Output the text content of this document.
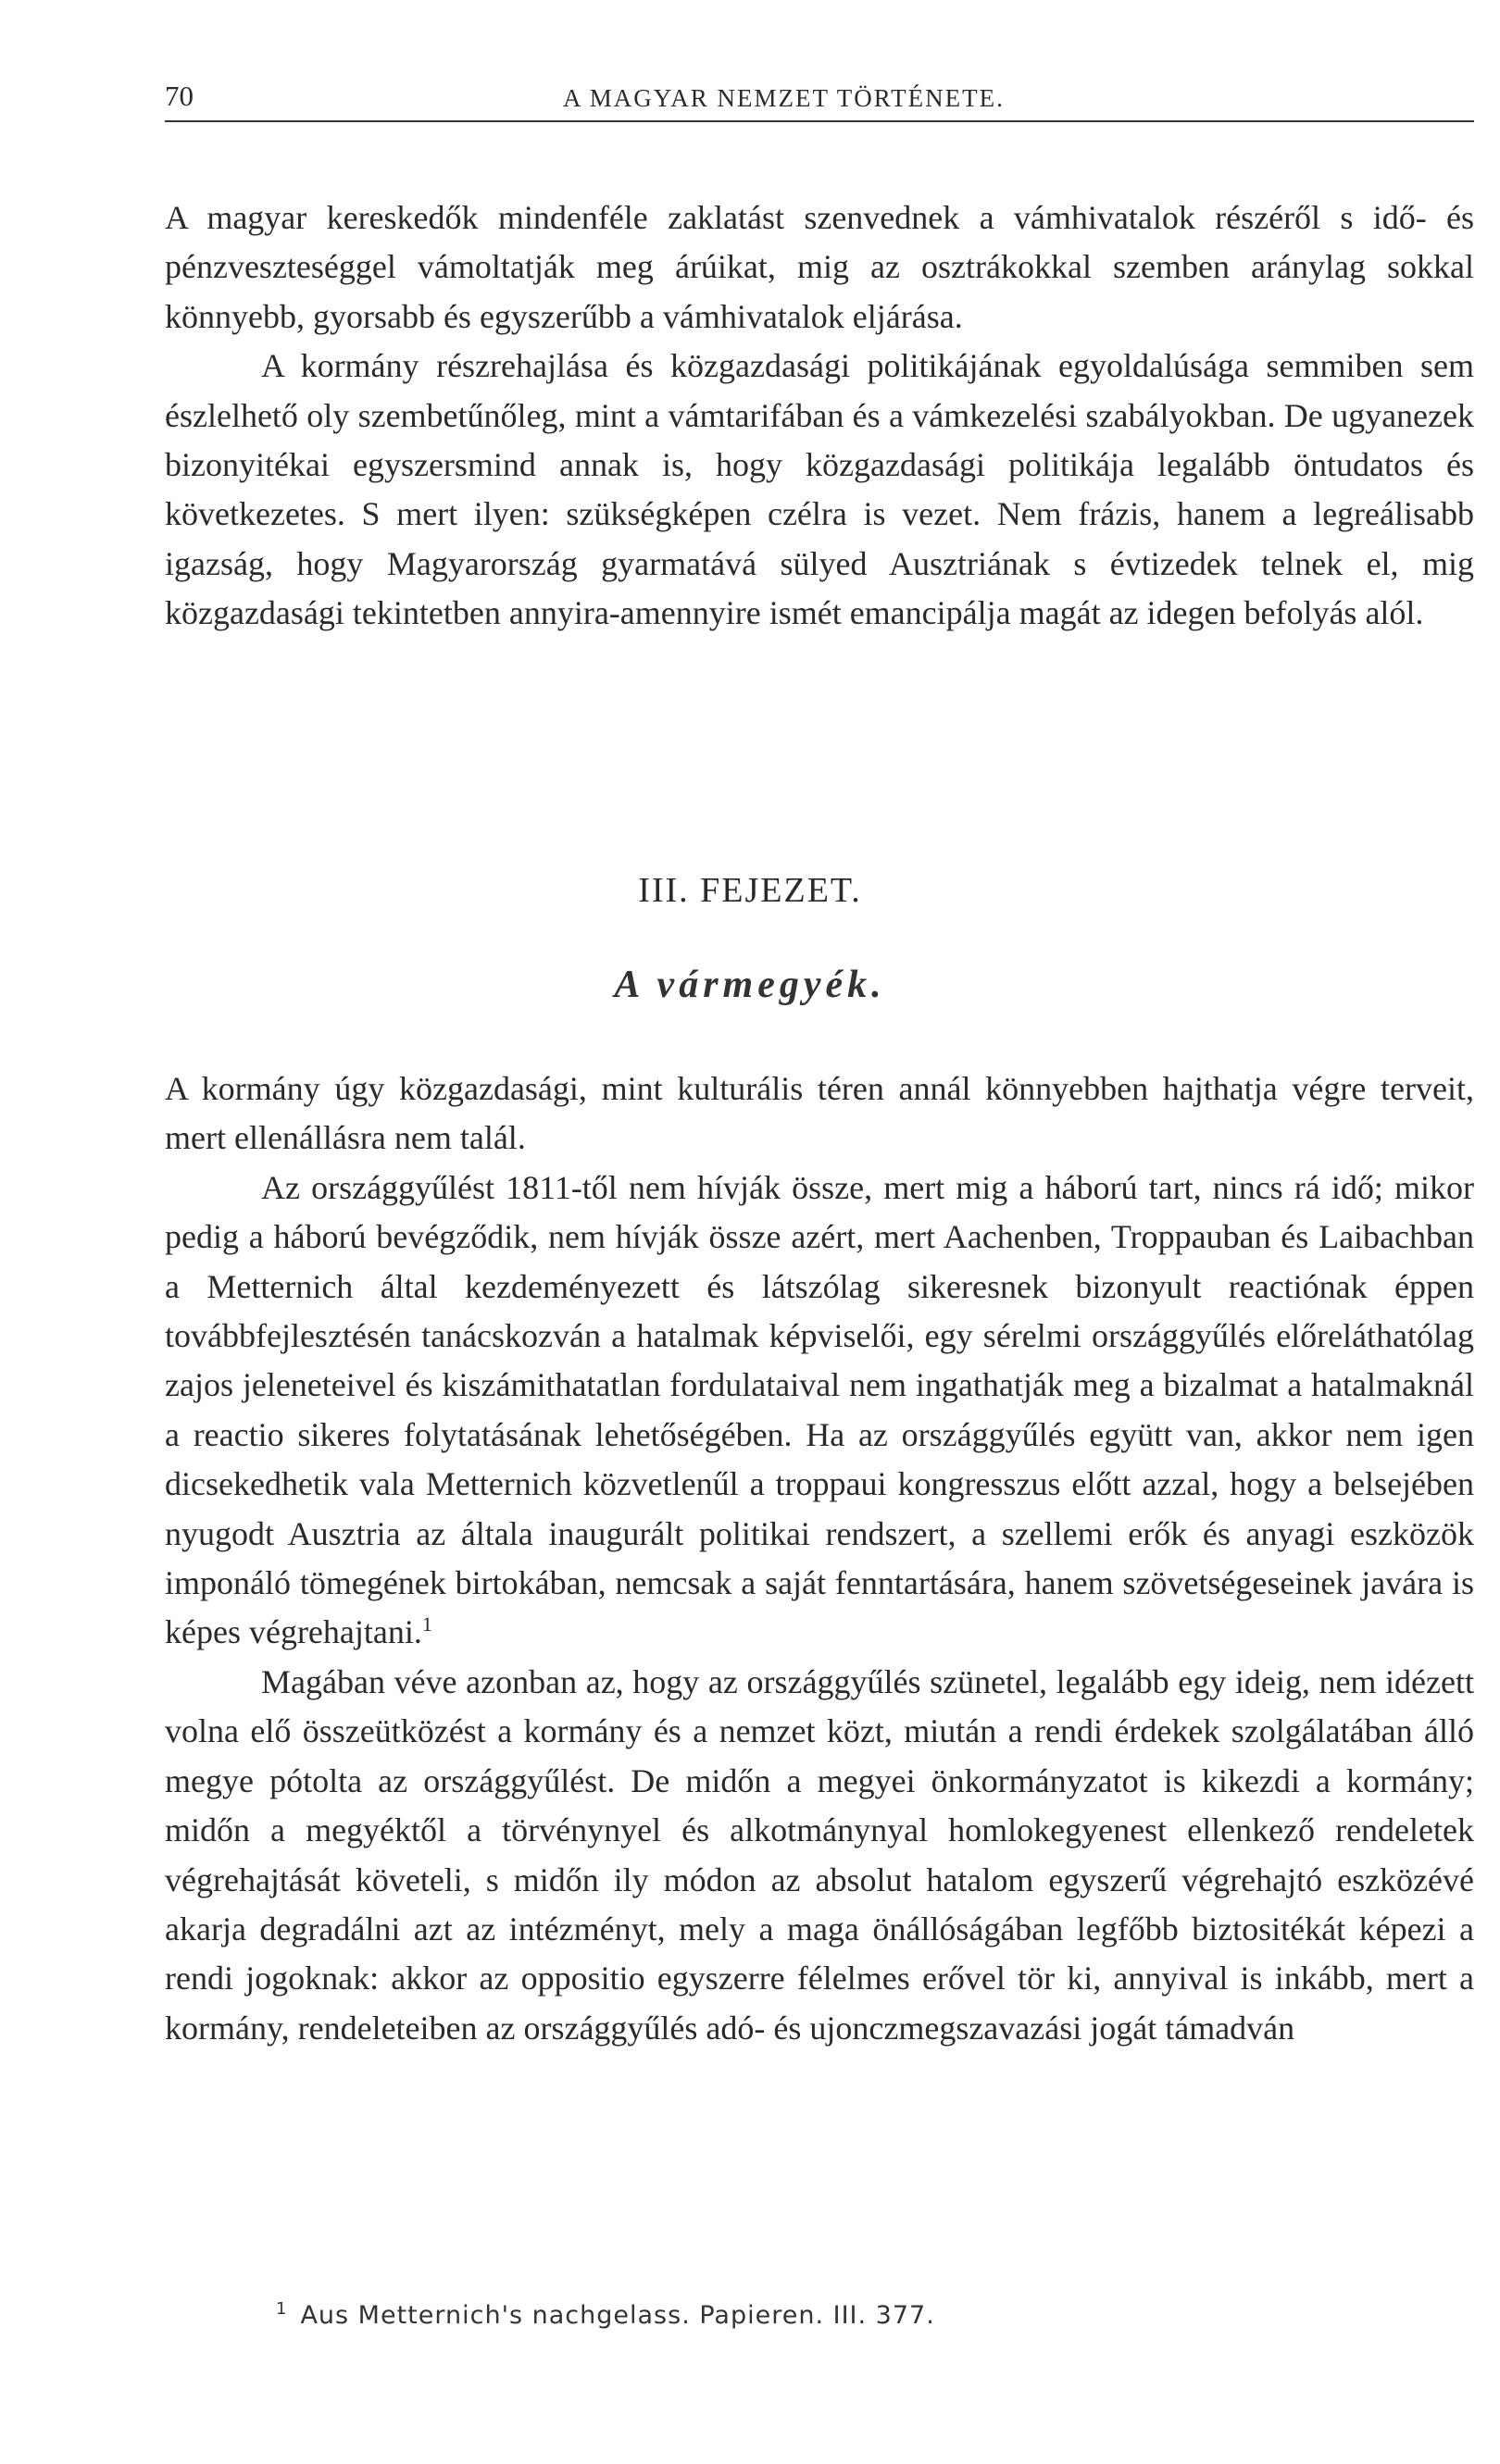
70	A MAGYAR NEMZET TÖRTÉNETE.

A magyar kereskedők mindenféle zaklatást szenvednek a vámhivatalok részéről s idő- és pénzveszteséggel vámoltatják meg árúikat, mig az osztrákokkal szemben aránylag sokkal könnyebb, gyorsabb és egyszerűbb a vámhivatalok eljárása.

A kormány részrehajlása és közgazdasági politikájának egyoldalúsága semmiben sem észlelhető oly szembetűnőleg, mint a vámtarifában és a vámkezelési szabályokban. De ugyanezek bizonyitékai egyszersmind annak is, hogy közgazdasági politikája legalább öntudatos és következetes. S mert ilyen: szükségképen czélra is vezet. Nem frázis, hanem a legreálisabb igazság, hogy Magyarország gyarmatává sülyed Ausztriának s évtizedek telnek el, mig közgazdasági tekintetben annyira-amennyire ismét emancipálja magát az idegen befolyás alól.

III. FEJEZET.
A vármegyék.

A kormány úgy közgazdasági, mint kulturális téren annál könnyebben hajthatja végre terveit, mert ellenállásra nem talál.

Az országgyűlést 1811-től nem hívják össze, mert mig a háború tart, nincs rá idő; mikor pedig a háború bevégződik, nem hívják össze azért, mert Aachenben, Troppauban és Laibachban a Metternich által kezdeményezett és látszólag sikeresnek bizonyult reactiónak éppen továbbfejlesztésén tanácskozván a hatalmak képviselői, egy sérelmi országgyűlés előreláthatólag zajos jeleneteivel és kiszámithatatlan fordulataival nem ingathatják meg a bizalmat a hatalmaknál a reactio sikeres folytatásának lehetőségében. Ha az országgyűlés együtt van, akkor nem igen dicsekedhetik vala Metternich közvetlenűl a troppaui kongresszus előtt azzal, hogy a belsejében nyugodt Ausztria az általa inaugurált politikai rendszert, a szellemi erők és anyagi eszközök imponáló tömegének birtokában, nemcsak a saját fenntartására, hanem szövetségeseinek javára is képes végrehajtani.$^1$

Magában véve azonban az, hogy az országgyűlés szünetel, legalább egy ideig, nem idézett volna elő összeütközést a kormány és a nemzet közt, miután a rendi érdekek szolgálatában álló megye pótolta az országgyűlést. De midőn a megyei önkormányzatot is kikezdi a kormány; midőn a megyéktől a törvénynyel és alkotmánynyal homlokegyenest ellenkező rendeletek végrehajtását követeli, s midőn ily módon az absolut hatalom egyszerű végrehajtó eszközévé akarja degradálni azt az intézményt, mely a maga önállóságában legfőbb biztositékát képezi a rendi jogoknak: akkor az oppositio egyszerre félelmes erővel tör ki, annyival is inkább, mert a kormány, rendeleteiben az országgyűlés adó- és ujonczmegszavazási jogát támadván

$^1$ Aus Metternich's nachgelass. Papieren. III. 377.
